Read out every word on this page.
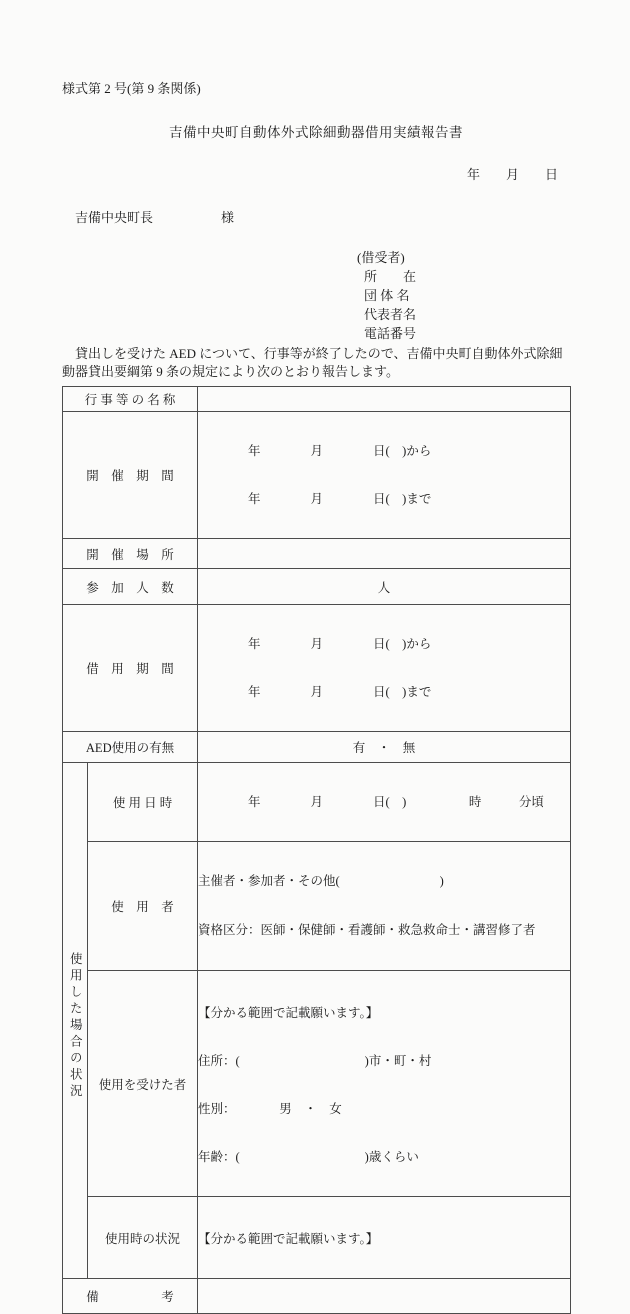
様式第 2 号(第 9 条関係)
吉備中央町自動体外式除細動器借用実績報告書
年　　月　　日
吉備中央町長	様
(借受者)
所　　在
団 体 名
代表者名
電話番号
　貸出しを受けた AED について、行事等が終了したので、吉備中央町自動体外式除細
動器貸出要綱第 9 条の規定により次のとおり報告します。
行 事 等 の 名 称		
開　催　期　間		年　　　　月　　　　日(　)から

年　　　　月　　　　日(　)まで

開　催　場　所		
参　加　人　数		人
借　用　期　間		年　　　　月　　　　日(　)から

年　　　　月　　　　日(　)まで

AED使用の有無		有　・　無

使用した場合の状況	使 用 日 時	年　　　　月　　　　日(　)　　　　　時　　　分頃

	使　用　者	主催者・参加者・その他(　　　　　　　　)

資格区分：医師・保健師・看護師・救急救命士・講習修了者

	使用を受けた者	【分かる範囲で記載願います。】

住所：(　　　　　　　　　　)市・町・村

性別：　　　　男　・　女

年齢：(　　　　　　　　　　)歳くらい

	使用時の状況	【分かる範囲で記載願います。】

備　　　　　考		
